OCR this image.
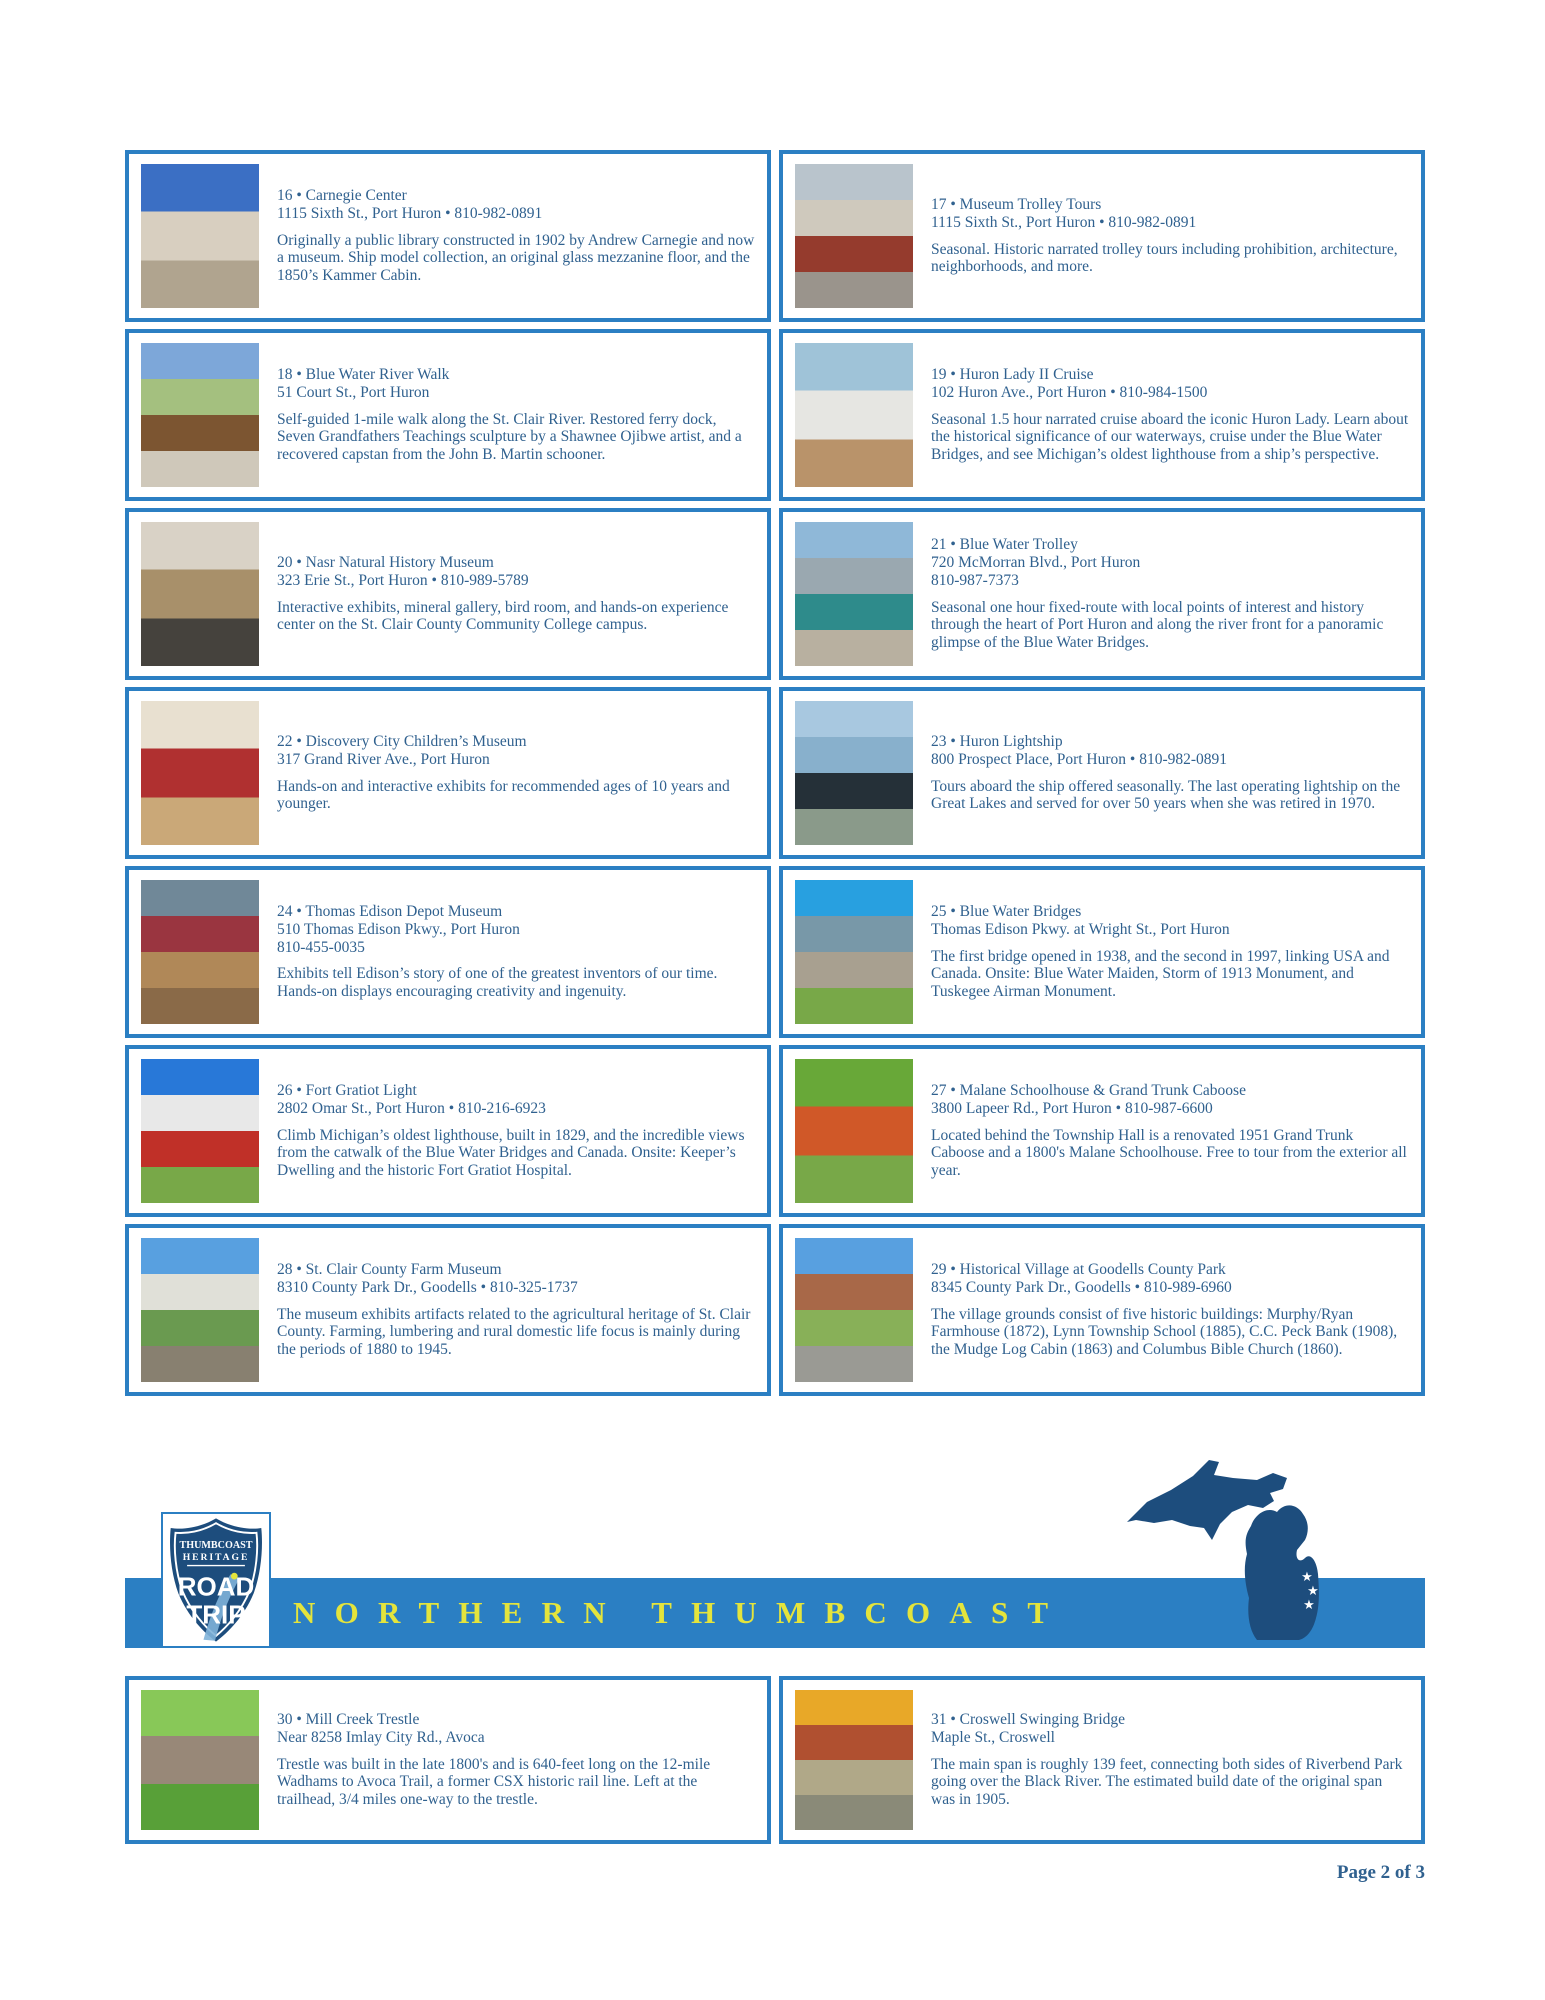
16 • Carnegie Center
1115 Sixth St., Port Huron • 810-982-0891
Originally a public library constructed in 1902 by Andrew Carnegie and now a museum. Ship model collection, an original glass mezzanine floor, and the 1850’s Kammer Cabin.
17 • Museum Trolley Tours
1115 Sixth St., Port Huron • 810-982-0891
Seasonal. Historic narrated trolley tours including prohibition, architecture, neighborhoods, and more.
18 • Blue Water River Walk
51 Court St., Port Huron
Self-guided 1-mile walk along the St. Clair River. Restored ferry dock, Seven Grandfathers Teachings sculpture by a Shawnee Ojibwe artist, and a recovered capstan from the John B. Martin schooner.
19 • Huron Lady II Cruise
102 Huron Ave., Port Huron • 810-984-1500
Seasonal 1.5 hour narrated cruise aboard the iconic Huron Lady. Learn about the historical significance of our waterways, cruise under the Blue Water Bridges, and see Michigan’s oldest lighthouse from a ship’s perspective.
20 • Nasr Natural History Museum
323 Erie St., Port Huron • 810-989-5789
Interactive exhibits, mineral gallery, bird room, and hands-on experience center on the St. Clair County Community College campus.
21 • Blue Water Trolley
720 McMorran Blvd., Port Huron
810-987-7373
Seasonal one hour fixed-route with local points of interest and history through the heart of Port Huron and along the river front for a panoramic glimpse of the Blue Water Bridges.
22 • Discovery City Children’s Museum
317 Grand River Ave., Port Huron
Hands-on and interactive exhibits for recommended ages of 10 years and younger.
23 • Huron Lightship
800 Prospect Place, Port Huron • 810-982-0891
Tours aboard the ship offered seasonally. The last operating lightship on the Great Lakes and served for over 50 years when she was retired in 1970.
24 • Thomas Edison Depot Museum
510 Thomas Edison Pkwy., Port Huron
810-455-0035
Exhibits tell Edison’s story of one of the greatest inventors of our time. Hands-on displays encouraging creativity and ingenuity.
25 • Blue Water Bridges
Thomas Edison Pkwy. at Wright St., Port Huron
The first bridge opened in 1938, and the second in 1997, linking USA and Canada. Onsite: Blue Water Maiden, Storm of 1913 Monument, and Tuskegee Airman Monument.
26 • Fort Gratiot Light
2802 Omar St., Port Huron • 810-216-6923
Climb Michigan’s oldest lighthouse, built in 1829, and the incredible views from the catwalk of the Blue Water Bridges and Canada. Onsite: Keeper’s Dwelling and the historic Fort Gratiot Hospital.
27 • Malane Schoolhouse & Grand Trunk Caboose
3800 Lapeer Rd., Port Huron • 810-987-6600
Located behind the Township Hall is a renovated 1951 Grand Trunk Caboose and a 1800's Malane Schoolhouse. Free to tour from the exterior all year.
28 • St. Clair County Farm Museum
8310 County Park Dr., Goodells • 810-325-1737
The museum exhibits artifacts related to the agricultural heritage of St. Clair County. Farming, lumbering and rural domestic life focus is mainly during the periods of 1880 to 1945.
29 • Historical Village at Goodells County Park
8345 County Park Dr., Goodells • 810-989-6960
The village grounds consist of five historic buildings: Murphy/Ryan Farmhouse (1872), Lynn Township School (1885), C.C. Peck Bank (1908), the Mudge Log Cabin (1863) and Columbus Bible Church (1860).
THUMBCOAST
HERITAGE
ROAD
TRIP NORTHERN THUMBCOAST
★
★
★
30 • Mill Creek Trestle
Near 8258 Imlay City Rd., Avoca
Trestle was built in the late 1800's and is 640-feet long on the 12-mile Wadhams to Avoca Trail, a former CSX historic rail line. Left at the trailhead, 3/4 miles one-way to the trestle.
31 • Croswell Swinging Bridge
Maple St., Croswell
The main span is roughly 139 feet, connecting both sides of Riverbend Park going over the Black River. The estimated build date of the original span was in 1905.
Page 2 of 3
